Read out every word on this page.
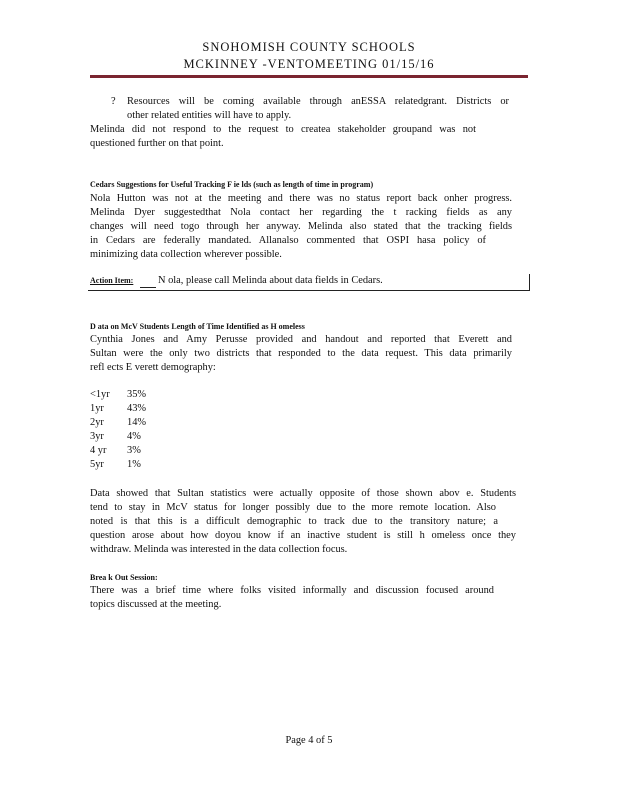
SNOHOMISH COUNTY SCHOOLS
MCKINNEY -VENTOMEETING 01/15/16
? Resources will be coming available through anESSA relatedgrant. Districts or
other related entities will have to apply.
Melinda did not respond to the request to createa stakeholder groupand was not
questioned further on that point.
Cedars Suggestions for Useful Tracking F ie lds (such as length of time in program)
Nola Hutton was not at the meeting and there was no status report back onher progress.
Melinda Dyer suggestedthat Nola contact her regarding the t racking fields as any
changes will need togo through her anyway. Melinda also stated that the tracking fields
in Cedars are federally mandated. Allanalso commented that OSPI hasa policy of
minimizing data collection wherever possible.
Action Item: N ola, please call Melinda about data fields in Cedars.
D ata on McV Students Length of Time Identified as H omeless
Cynthia Jones and Amy Perusse provided and handout and reported that Everett and
Sultan were the only two districts that responded to the data request. This data primarily
refl ects E verett demography:
<1yr	35%
1yr	43%
2yr	14%
3yr	4%
4 yr	3%
5yr	1%
Data showed that Sultan statistics were actually opposite of those shown abov e. Students
tend to stay in McV status for longer possibly due to the more remote location. Also
noted is that this is a difficult demographic to track due to the transitory nature; a
question arose about how doyou know if an inactive student is still h omeless once they
withdraw. Melinda was interested in the data collection focus.
Brea k Out Session:
There was a brief time where folks visited informally and discussion focused around
topics discussed at the meeting.
Page 4 of 5
